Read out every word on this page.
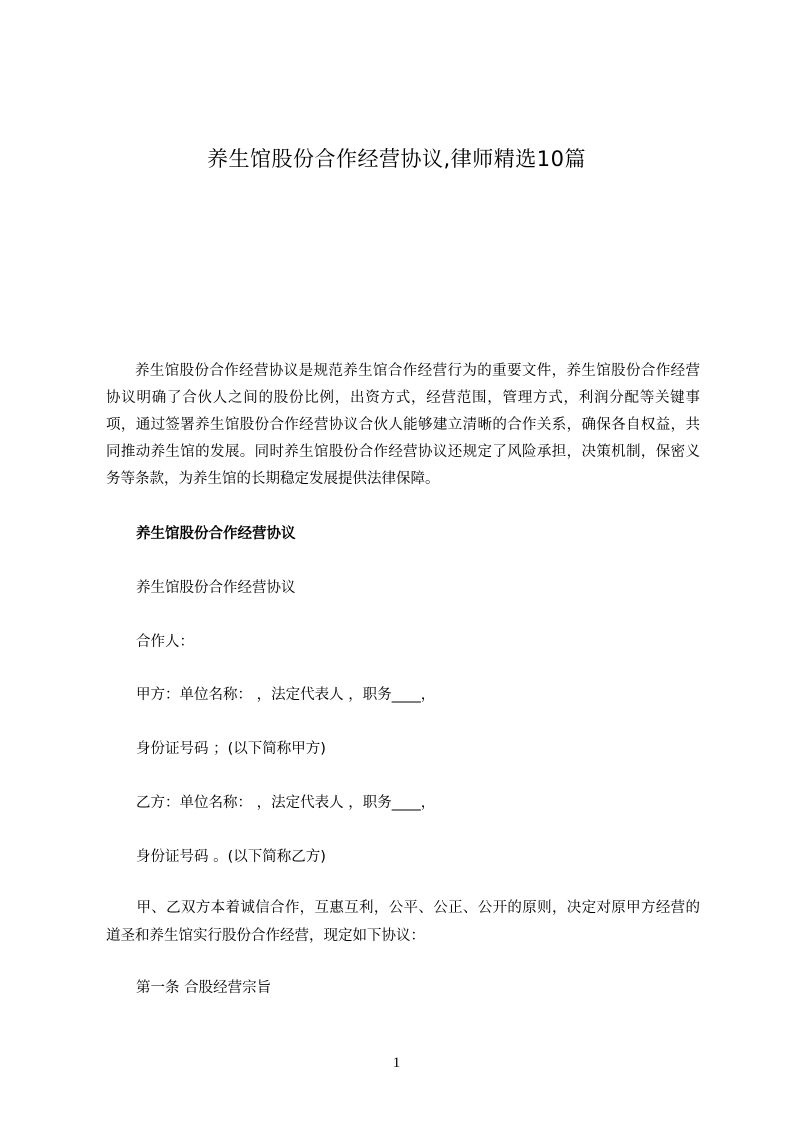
养生馆股份合作经营协议,律师精选10篇

养生馆股份合作经营协议是规范养生馆合作经营行为的重要文件，养生馆股份合作经营协议明确了合伙人之间的股份比例，出资方式，经营范围，管理方式，利润分配等关键事项，通过签署养生馆股份合作经营协议合伙人能够建立清晰的合作关系，确保各自权益，共同推动养生馆的发展。同时养生馆股份合作经营协议还规定了风险承担，决策机制，保密义务等条款，为养生馆的长期稳定发展提供法律保障。

养生馆股份合作经营协议

养生馆股份合作经营协议

合作人：

甲方：单位名称： ，法定代表人 ，职务____，

身份证号码 ；(以下简称甲方)

乙方：单位名称： ，法定代表人 ，职务____，

身份证号码 。(以下简称乙方)

甲、乙双方本着诚信合作，互惠互利，公平、公正、公开的原则，决定对原甲方经营的道圣和养生馆实行股份合作经营，现定如下协议：

第一条 合股经营宗旨

1
